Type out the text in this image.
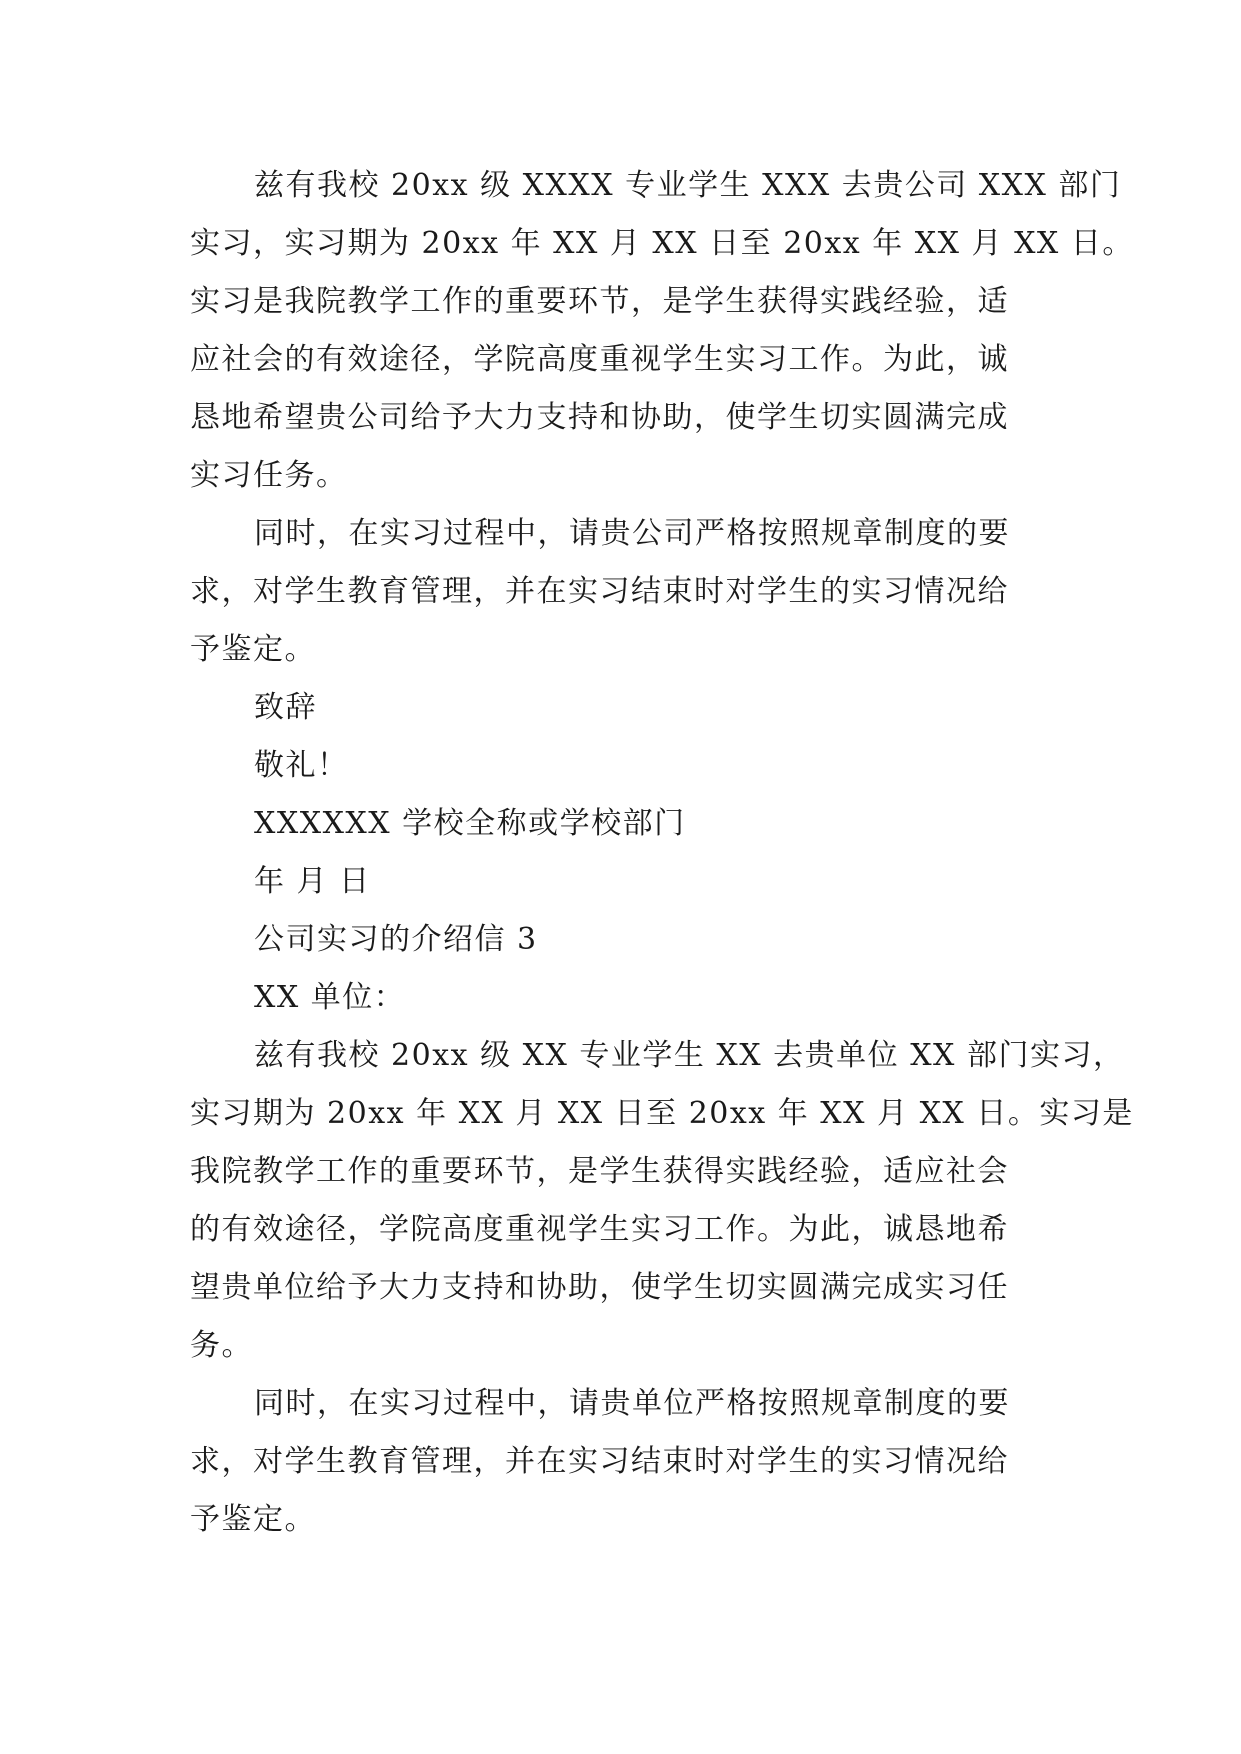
兹有我校 20xx 级 XXXX 专业学生 XXX 去贵公司 XXX 部门
实习，实习期为 20xx 年 XX 月 XX 日至 20xx 年 XX 月 XX 日。
实习是我院教学工作的重要环节，是学生获得实践经验，适
应社会的有效途径，学院高度重视学生实习工作。为此，诚
恳地希望贵公司给予大力支持和协助，使学生切实圆满完成
实习任务。
同时，在实习过程中，请贵公司严格按照规章制度的要
求，对学生教育管理，并在实习结束时对学生的实习情况给
予鉴定。
致辞
敬礼！
XXXXXX 学校全称或学校部门
年 月 日
公司实习的介绍信 3
XX 单位：
兹有我校 20xx 级 XX 专业学生 XX 去贵单位 XX 部门实习，
实习期为 20xx 年 XX 月 XX 日至 20xx 年 XX 月 XX 日。实习是
我院教学工作的重要环节，是学生获得实践经验，适应社会
的有效途径，学院高度重视学生实习工作。为此，诚恳地希
望贵单位给予大力支持和协助，使学生切实圆满完成实习任
务。
同时，在实习过程中，请贵单位严格按照规章制度的要
求，对学生教育管理，并在实习结束时对学生的实习情况给
予鉴定。
